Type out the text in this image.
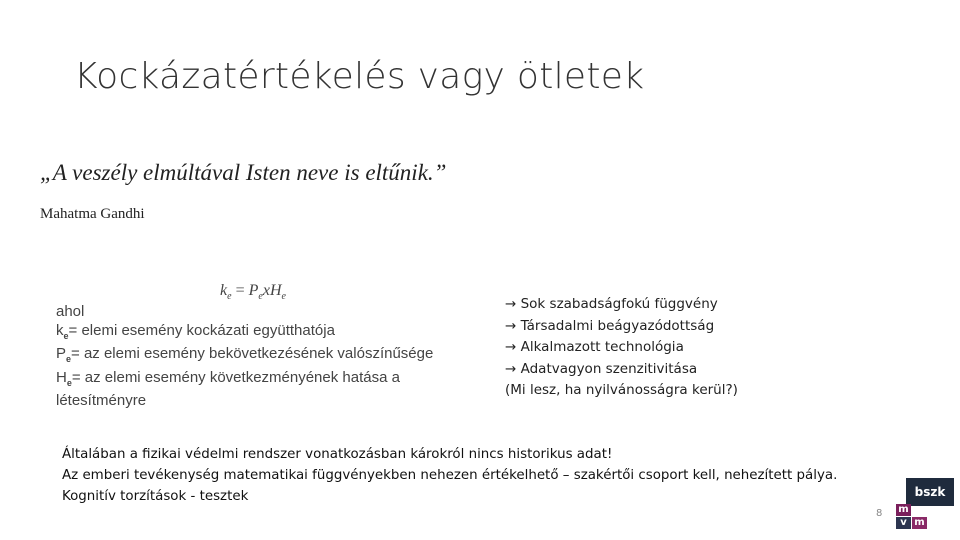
Kockázatértékelés vagy ötletek
„A veszély elmúltával Isten neve is eltűnik.”
Mahatma Gandhi
$k_e = P_exH_e$
ahol
$k_e=$ elemi esemény kockázati együtthatója
$P_e=$ az elemi esemény bekövetkezésének valószínűsége
$H_e=$ az elemi esemény következményének hatása a
létesítményre
→ Sok szabadságfokú függvény
→ Társadalmi beágyazódottság
→ Alkalmazott technológia
→ Adatvagyon szenzitivitása
(Mi lesz, ha nyilvánosságra kerül?)
Általában a fizikai védelmi rendszer vonatkozásban károkról nincs historikus adat!
Az emberi tevékenység matematikai függvényekben nehezen értékelhető – szakértői csoport kell, nehezített pálya.
Kognitív torzítások - tesztek
8
bszk
m
v m
